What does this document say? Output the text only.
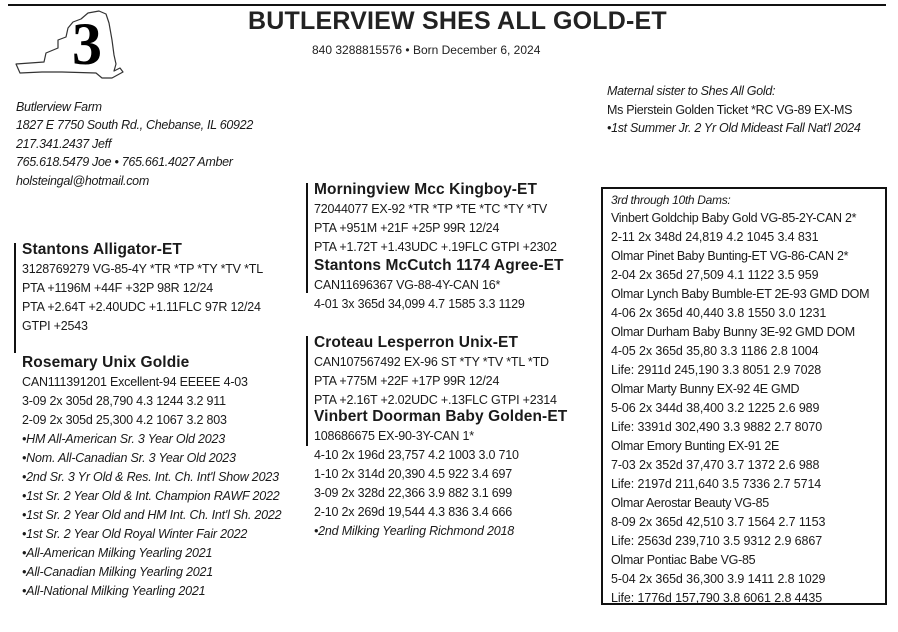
3	BUTLERVIEW SHES ALL GOLD-ET
840 3288815576 • Born December 6, 2024
Butlerview Farm
1827 E 7750 South Rd., Chebanse, IL 60922
217.341.2437 Jeff
765.618.5479 Joe • 765.661.4027 Amber
holsteingal@hotmail.com
Maternal sister to Shes All Gold:
Ms Pierstein Golden Ticket *RC VG-89 EX-MS
•1st Summer Jr. 2 Yr Old Mideast Fall Nat'l 2024
Stantons Alligator-ET
3128769279 VG-85-4Y *TR *TP *TY *TV *TL
PTA +1196M +44F +32P 98R 12/24
PTA +2.64T +2.40UDC +1.11FLC 97R 12/24
GTPI +2543
Rosemary Unix Goldie
CAN111391201 Excellent-94 EEEEE 4-03
3-09 2x 305d 28,790 4.3 1244 3.2 911
2-09 2x 305d 25,300 4.2 1067 3.2 803
•HM All-American Sr. 3 Year Old 2023
•Nom. All-Canadian Sr. 3 Year Old 2023
•2nd Sr. 3 Yr Old & Res. Int. Ch. Int'l Show 2023
•1st Sr. 2 Year Old & Int. Champion RAWF 2022
•1st Sr. 2 Year Old and HM Int. Ch. Int'l Sh. 2022
•1st Sr. 2 Year Old Royal Winter Fair 2022
•All-American Milking Yearling 2021
•All-Canadian Milking Yearling 2021
•All-National Milking Yearling 2021
Morningview Mcc Kingboy-ET
72044077 EX-92 *TR *TP *TE *TC *TY *TV
PTA +951M +21F +25P 99R 12/24
PTA +1.72T +1.43UDC +.19FLC GTPI +2302
Stantons McCutch 1174 Agree-ET
CAN11696367 VG-88-4Y-CAN 16*
4-01 3x 365d 34,099 4.7 1585 3.3 1129
Croteau Lesperron Unix-ET
CAN107567492 EX-96 ST *TY *TV *TL *TD
PTA +775M +22F +17P 99R 12/24
PTA +2.16T +2.02UDC +.13FLC GTPI +2314
Vinbert Doorman Baby Golden-ET
108686675 EX-90-3Y-CAN 1*
4-10 2x 196d 23,757 4.2 1003 3.0 710
1-10 2x 314d 20,390 4.5 922 3.4 697
3-09 2x 328d 22,366 3.9 882 3.1 699
2-10 2x 269d 19,544 4.3 836 3.4 666
•2nd Milking Yearling Richmond 2018
3rd through 10th Dams:
Vinbert Goldchip Baby Gold VG-85-2Y-CAN 2*
2-11 2x 348d 24,819 4.2 1045 3.4 831
Olmar Pinet Baby Bunting-ET VG-86-CAN 2*
2-04 2x 365d 27,509 4.1 1122 3.5 959
Olmar Lynch Baby Bumble-ET 2E-93 GMD DOM
4-06 2x 365d 40,440 3.8 1550 3.0 1231
Olmar Durham Baby Bunny 3E-92 GMD DOM
4-05 2x 365d 35,80 3.3 1186 2.8 1004
Life: 2911d 245,190 3.3 8051 2.9 7028
Olmar Marty Bunny EX-92 4E GMD
5-06 2x 344d 38,400 3.2 1225 2.6 989
Life: 3391d 302,490 3.3 9882 2.7 8070
Olmar Emory Bunting EX-91 2E
7-03 2x 352d 37,470 3.7 1372 2.6 988
Life: 2197d 211,640 3.5 7336 2.7 5714
Olmar Aerostar Beauty VG-85
8-09 2x 365d 42,510 3.7 1564 2.7 1153
Life: 2563d 239,710 3.5 9312 2.9 6867
Olmar Pontiac Babe VG-85
5-04 2x 365d 36,300 3.9 1411 2.8 1029
Life: 1776d 157,790 3.8 6061 2.8 4435
